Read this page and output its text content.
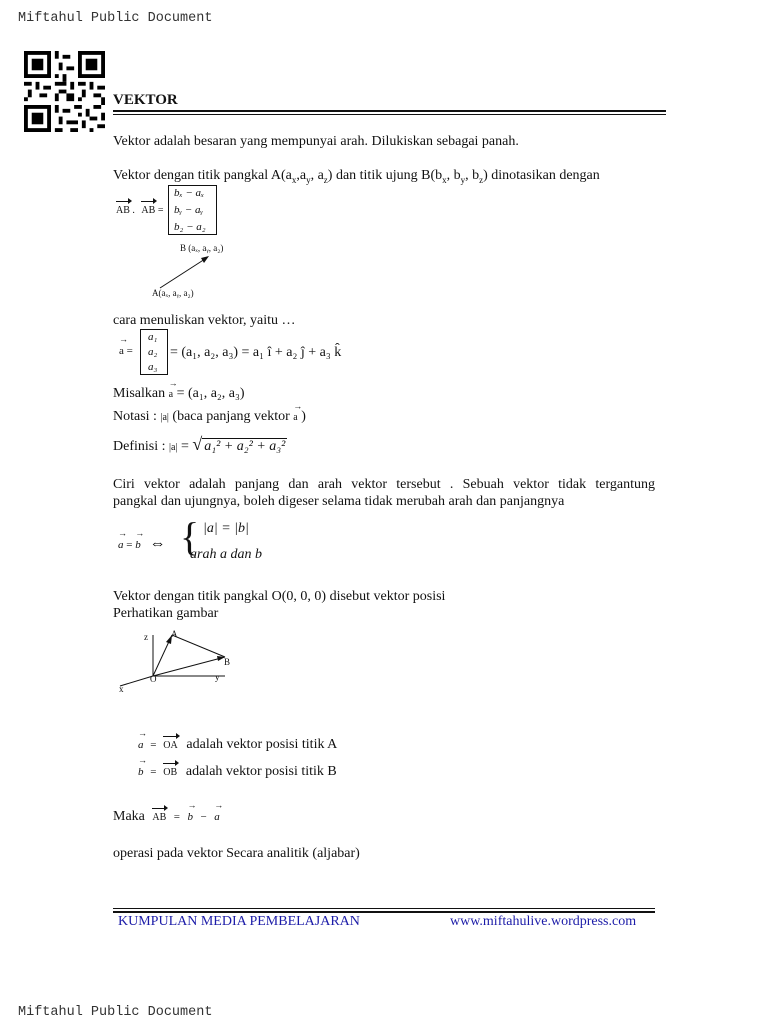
Miftahul Public Document
Miftahul Public Document
VEKTOR
Vektor adalah besaran yang mempunyai arah. Dilukiskan sebagai panah.
Vektor dengan titik pangkal $A(a_x,a_y$, $a_z$) dan titik ujung $B(b_x$, $b_y$, $b_z$) dinotasikan dengan
AB . AB =
bₓ − aₓ
bᵧ − aᵧ
b₂ − a₂
B (aₓ, aᵧ, a₂)
A(aₓ, aᵧ, a₂)
cara menuliskan vektor, yaitu …
→ a =
a₁
a₂
a₃
= (a₁, a₂, a₃) = a₁ î + a₂ ĵ + a₃ k̂
Misalkan → a = (a₁, a₂, a₃)
Notasi : |a| (baca panjang vektor → a )
Definisi : |a| = √ a₁² + a₂² + a₃²
Ciri vektor adalah panjang dan arah vektor tersebut . Sebuah vektor tidak tergantung
pangkal dan ujungnya, boleh digeser selama tidak merubah arah dan panjangnya
→ a = → b ⇔ { |a| = |b|
arah a dan b
Vektor dengan titik pangkal O(0, 0, 0) disebut vektor posisi
Perhatikan gambar
z	A
B
O	y
x
→ a = OA adalah vektor posisi titik A
→ b = OB adalah vektor posisi titik B
Maka AB = → b − → a
operasi pada vektor Secara analitik (aljabar)
KUMPULAN MEDIA PEMBELAJARAN	www.miftahulive.wordpress.com
